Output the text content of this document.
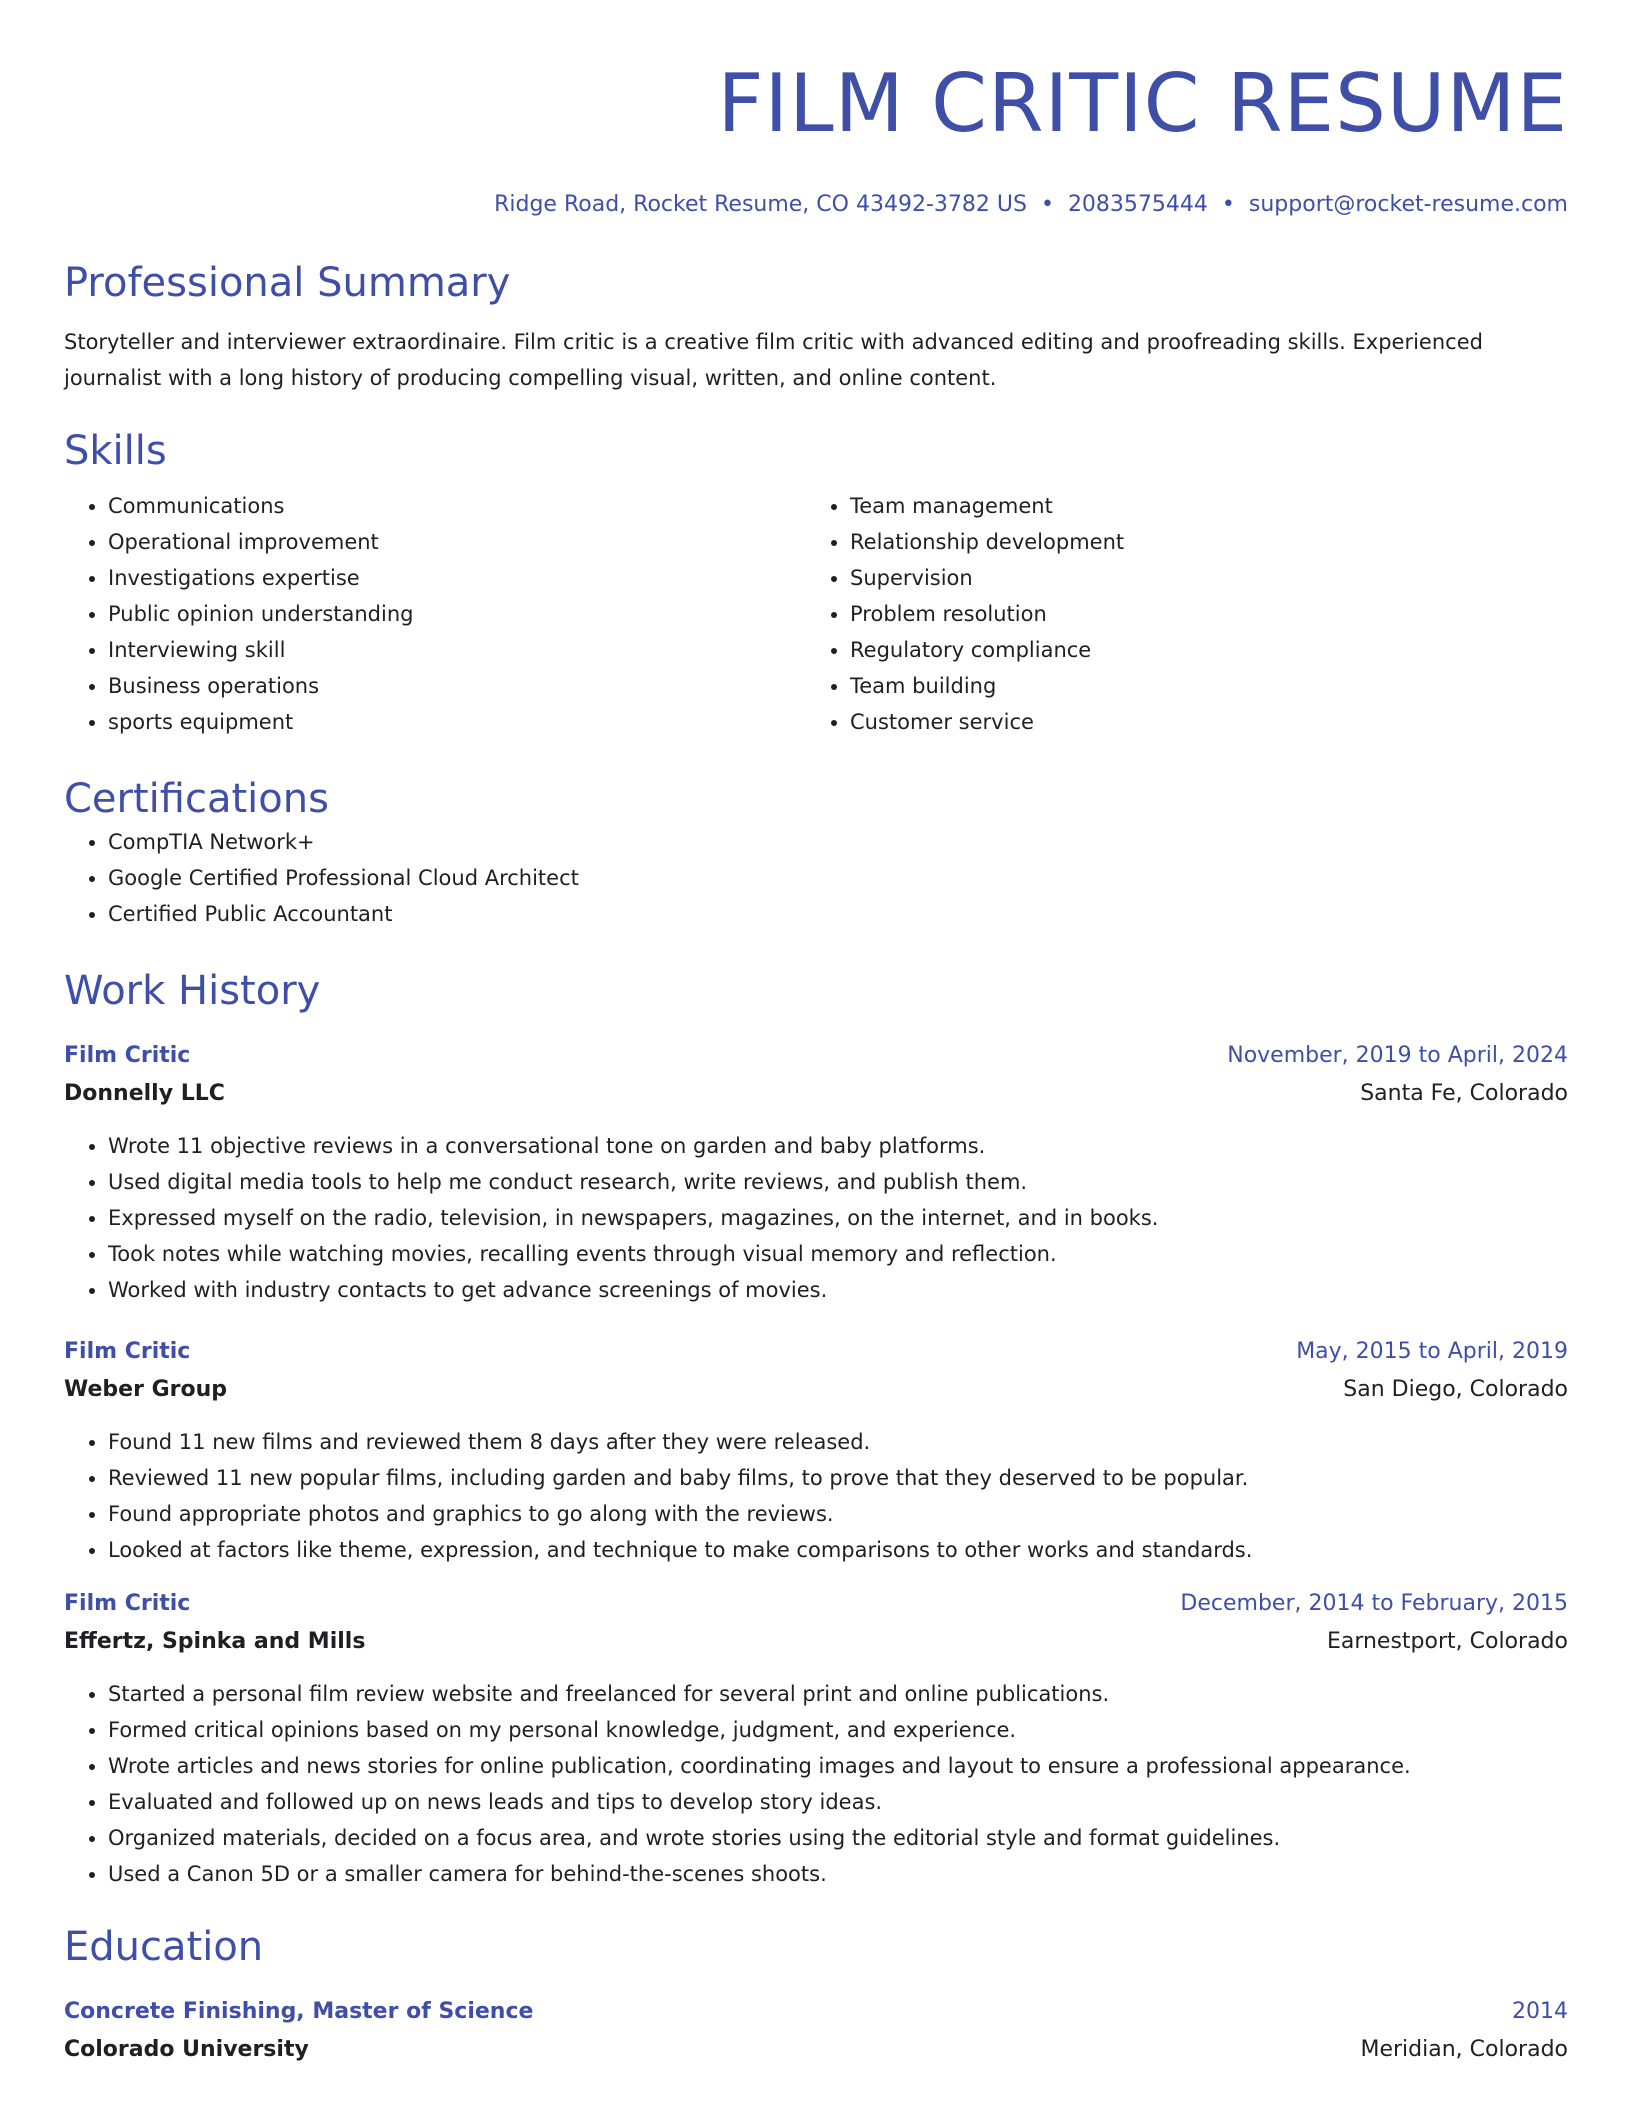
FILM CRITIC RESUME
Ridge Road, Rocket Resume, CO 43492-3782 US • 2083575444 • support@rocket-resume.com
Professional Summary
Storyteller and interviewer extraordinaire. Film critic is a creative film critic with advanced editing and proofreading skills. Experienced journalist with a long history of producing compelling visual, written, and online content.
Skills
• Communications
• Operational improvement
• Investigations expertise
• Public opinion understanding
• Interviewing skill
• Business operations
• sports equipment
• Team management
• Relationship development
• Supervision
• Problem resolution
• Regulatory compliance
• Team building
• Customer service
Certifications
• CompTIA Network+
• Google Certified Professional Cloud Architect
• Certified Public Accountant
Work History
Film Critic	November, 2019 to April, 2024
Donnelly LLC	Santa Fe, Colorado
• Wrote 11 objective reviews in a conversational tone on garden and baby platforms.
• Used digital media tools to help me conduct research, write reviews, and publish them.
• Expressed myself on the radio, television, in newspapers, magazines, on the internet, and in books.
• Took notes while watching movies, recalling events through visual memory and reflection.
• Worked with industry contacts to get advance screenings of movies.
Film Critic	May, 2015 to April, 2019
Weber Group	San Diego, Colorado
• Found 11 new films and reviewed them 8 days after they were released.
• Reviewed 11 new popular films, including garden and baby films, to prove that they deserved to be popular.
• Found appropriate photos and graphics to go along with the reviews.
• Looked at factors like theme, expression, and technique to make comparisons to other works and standards.
Film Critic	December, 2014 to February, 2015
Effertz, Spinka and Mills	Earnestport, Colorado
• Started a personal film review website and freelanced for several print and online publications.
• Formed critical opinions based on my personal knowledge, judgment, and experience.
• Wrote articles and news stories for online publication, coordinating images and layout to ensure a professional appearance.
• Evaluated and followed up on news leads and tips to develop story ideas.
• Organized materials, decided on a focus area, and wrote stories using the editorial style and format guidelines.
• Used a Canon 5D or a smaller camera for behind-the-scenes shoots.
Education
Concrete Finishing, Master of Science	2014
Colorado University	Meridian, Colorado
